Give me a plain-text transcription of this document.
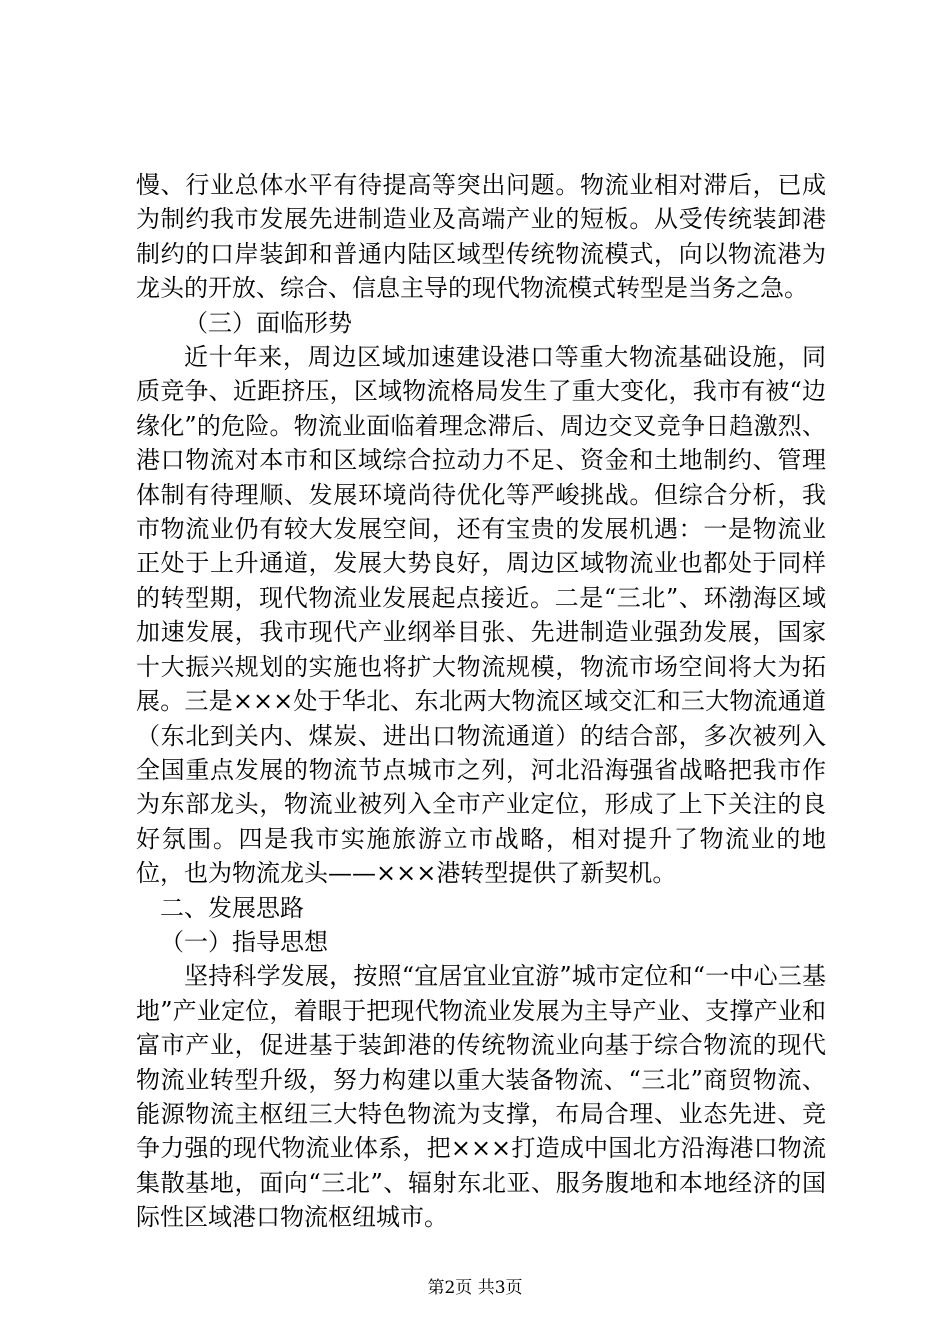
慢、行业总体水平有待提高等突出问题。物流业相对滞后，已成为制约我市发展先进制造业及高端产业的短板。从受传统装卸港制约的口岸装卸和普通内陆区域型传统物流模式，向以物流港为龙头的开放、综合、信息主导的现代物流模式转型是当务之急。

（三）面临形势

近十年来，周边区域加速建设港口等重大物流基础设施，同质竞争、近距挤压，区域物流格局发生了重大变化，我市有被“边缘化”的危险。物流业面临着理念滞后、周边交叉竞争日趋激烈、港口物流对本市和区域综合拉动力不足、资金和土地制约、管理体制有待理顺、发展环境尚待优化等严峻挑战。但综合分析，我市物流业仍有较大发展空间，还有宝贵的发展机遇：一是物流业正处于上升通道，发展大势良好，周边区域物流业也都处于同样的转型期，现代物流业发展起点接近。二是“三北”、环渤海区域加速发展，我市现代产业纲举目张、先进制造业强劲发展，国家十大振兴规划的实施也将扩大物流规模，物流市场空间将大为拓展。三是×××处于华北、东北两大物流区域交汇和三大物流通道（东北到关内、煤炭、进出口物流通道）的结合部，多次被列入全国重点发展的物流节点城市之列，河北沿海强省战略把我市作为东部龙头，物流业被列入全市产业定位，形成了上下关注的良好氛围。四是我市实施旅游立市战略，相对提升了物流业的地位，也为物流龙头——×××港转型提供了新契机。

二、发展思路

（一）指导思想

坚持科学发展，按照“宜居宜业宜游”城市定位和“一中心三基地”产业定位，着眼于把现代物流业发展为主导产业、支撑产业和富市产业，促进基于装卸港的传统物流业向基于综合物流的现代物流业转型升级，努力构建以重大装备物流、“三北”商贸物流、能源物流主枢纽三大特色物流为支撑，布局合理、业态先进、竞争力强的现代物流业体系，把×××打造成中国北方沿海港口物流集散基地，面向“三北”、辐射东北亚、服务腹地和本地经济的国际性区域港口物流枢纽城市。

第2页 共3页
